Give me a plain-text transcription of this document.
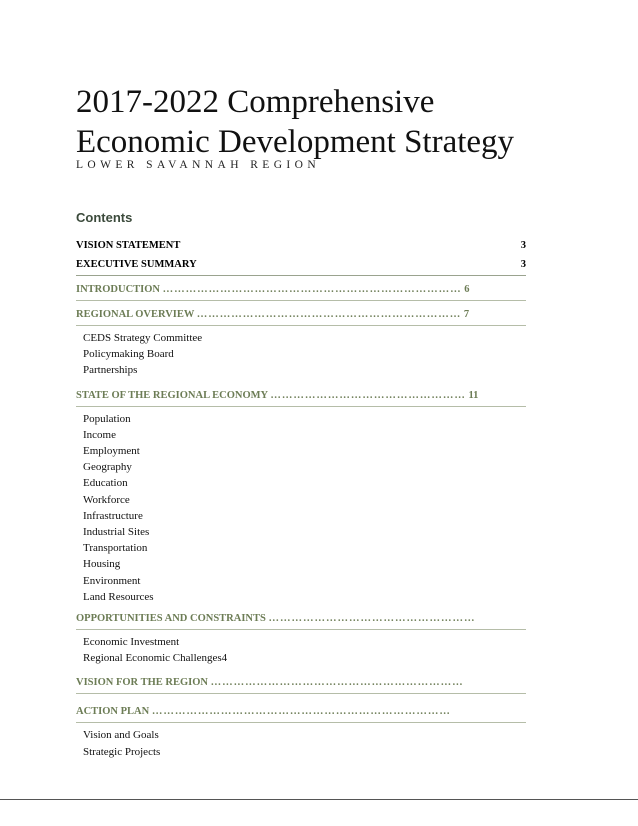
2017-2022 Comprehensive
Economic Development Strategy
LOWER SAVANNAH REGION
Contents
VISION STATEMENT	3
EXECUTIVE SUMMARY	3
INTRODUCTION …………………………………………………………………… 6
REGIONAL OVERVIEW …………………………………………………………… 7
CEDS Strategy Committee
Policymaking Board
Partnerships
STATE OF THE REGIONAL ECONOMY …………………………………………… 11
Population
Income
Employment
Geography
Education
Workforce
Infrastructure
Industrial Sites
Transportation
Housing
Environment
Land Resources
OPPORTUNITIES AND CONSTRAINTS ………………………………………………
Economic Investment
Regional Economic Challenges4
VISION FOR THE REGION …………………………………………………………
ACTION PLAN ……………………………………………………………………
Vision and Goals
Strategic Projects
